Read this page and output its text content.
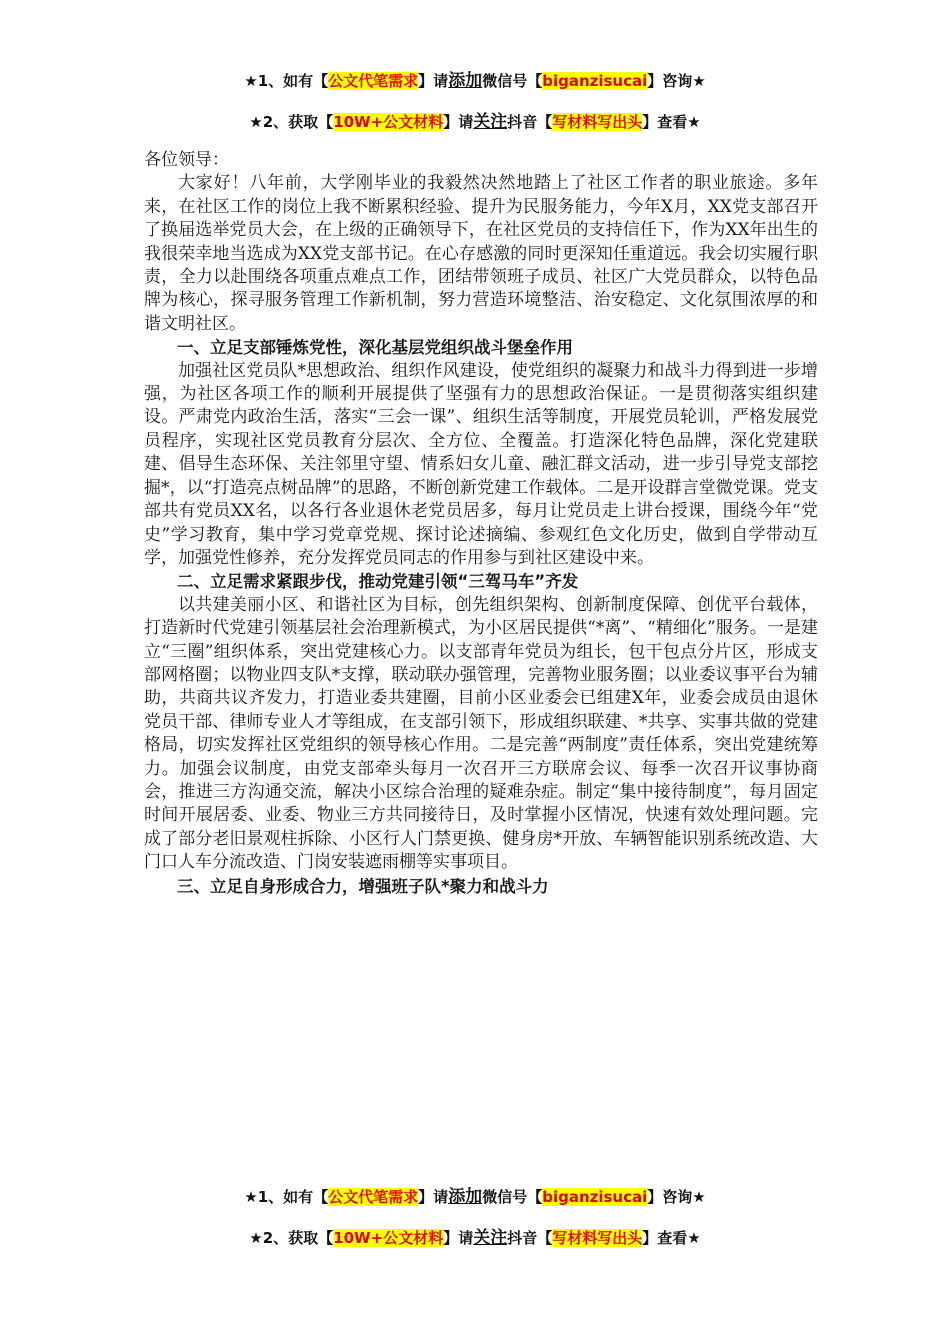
★1、如有【公文代笔需求】请添加微信号【biganzisucai】咨询★
★2、获取【10W+公文材料】请关注抖音【写材料写出头】查看★

各位领导：

大家好！八年前，大学刚毕业的我毅然决然地踏上了社区工作者的职业旅途。多年来，在社区工作的岗位上我不断累积经验、提升为民服务能力，今年X月，XX党支部召开了换届选举党员大会，在上级的正确领导下，在社区党员的支持信任下，作为XX年出生的我很荣幸地当选成为XX党支部书记。在心存感激的同时更深知任重道远。我会切实履行职责，全力以赴围绕各项重点难点工作，团结带领班子成员、社区广大党员群众，以特色品牌为核心，探寻服务管理工作新机制，努力营造环境整洁、治安稳定、文化氛围浓厚的和谐文明社区。

一、立足支部锤炼党性，深化基层党组织战斗堡垒作用

加强社区党员队*思想政治、组织作风建设，使党组织的凝聚力和战斗力得到进一步增强，为社区各项工作的顺利开展提供了坚强有力的思想政治保证。一是贯彻落实组织建设。严肃党内政治生活，落实“三会一课”、组织生活等制度，开展党员轮训，严格发展党员程序，实现社区党员教育分层次、全方位、全覆盖。打造深化特色品牌，深化党建联建、倡导生态环保、关注邻里守望、情系妇女儿童、融汇群文活动，进一步引导党支部挖掘*，以“打造亮点树品牌”的思路，不断创新党建工作载体。二是开设群言堂微党课。党支部共有党员XX名，以各行各业退休老党员居多，每月让党员走上讲台授课，围绕今年“党史”学习教育，集中学习党章党规、探讨论述摘编、参观红色文化历史，做到自学带动互学，加强党性修养，充分发挥党员同志的作用参与到社区建设中来。

二、立足需求紧跟步伐，推动党建引领“三驾马车”齐发

以共建美丽小区、和谐社区为目标，创先组织架构、创新制度保障、创优平台载体，打造新时代党建引领基层社会治理新模式，为小区居民提供“*离”、“精细化”服务。一是建立“三圈”组织体系，突出党建核心力。以支部青年党员为组长，包干包点分片区，形成支部网格圈；以物业四支队*支撑，联动联办强管理，完善物业服务圈；以业委议事平台为辅助，共商共议齐发力，打造业委共建圈，目前小区业委会已组建X年，业委会成员由退休党员干部、律师专业人才等组成，在支部引领下，形成组织联建、*共享、实事共做的党建格局，切实发挥社区党组织的领导核心作用。二是完善“两制度”责任体系，突出党建统筹力。加强会议制度，由党支部牵头每月一次召开三方联席会议、每季一次召开议事协商会，推进三方沟通交流，解决小区综合治理的疑难杂症。制定“集中接待制度”，每月固定时间开展居委、业委、物业三方共同接待日，及时掌握小区情况，快速有效处理问题。完成了部分老旧景观柱拆除、小区行人门禁更换、健身房*开放、车辆智能识别系统改造、大门口人车分流改造、门岗安装遮雨棚等实事项目。

三、立足自身形成合力，增强班子队*聚力和战斗力

★1、如有【公文代笔需求】请添加微信号【biganzisucai】咨询★
★2、获取【10W+公文材料】请关注抖音【写材料写出头】查看★
